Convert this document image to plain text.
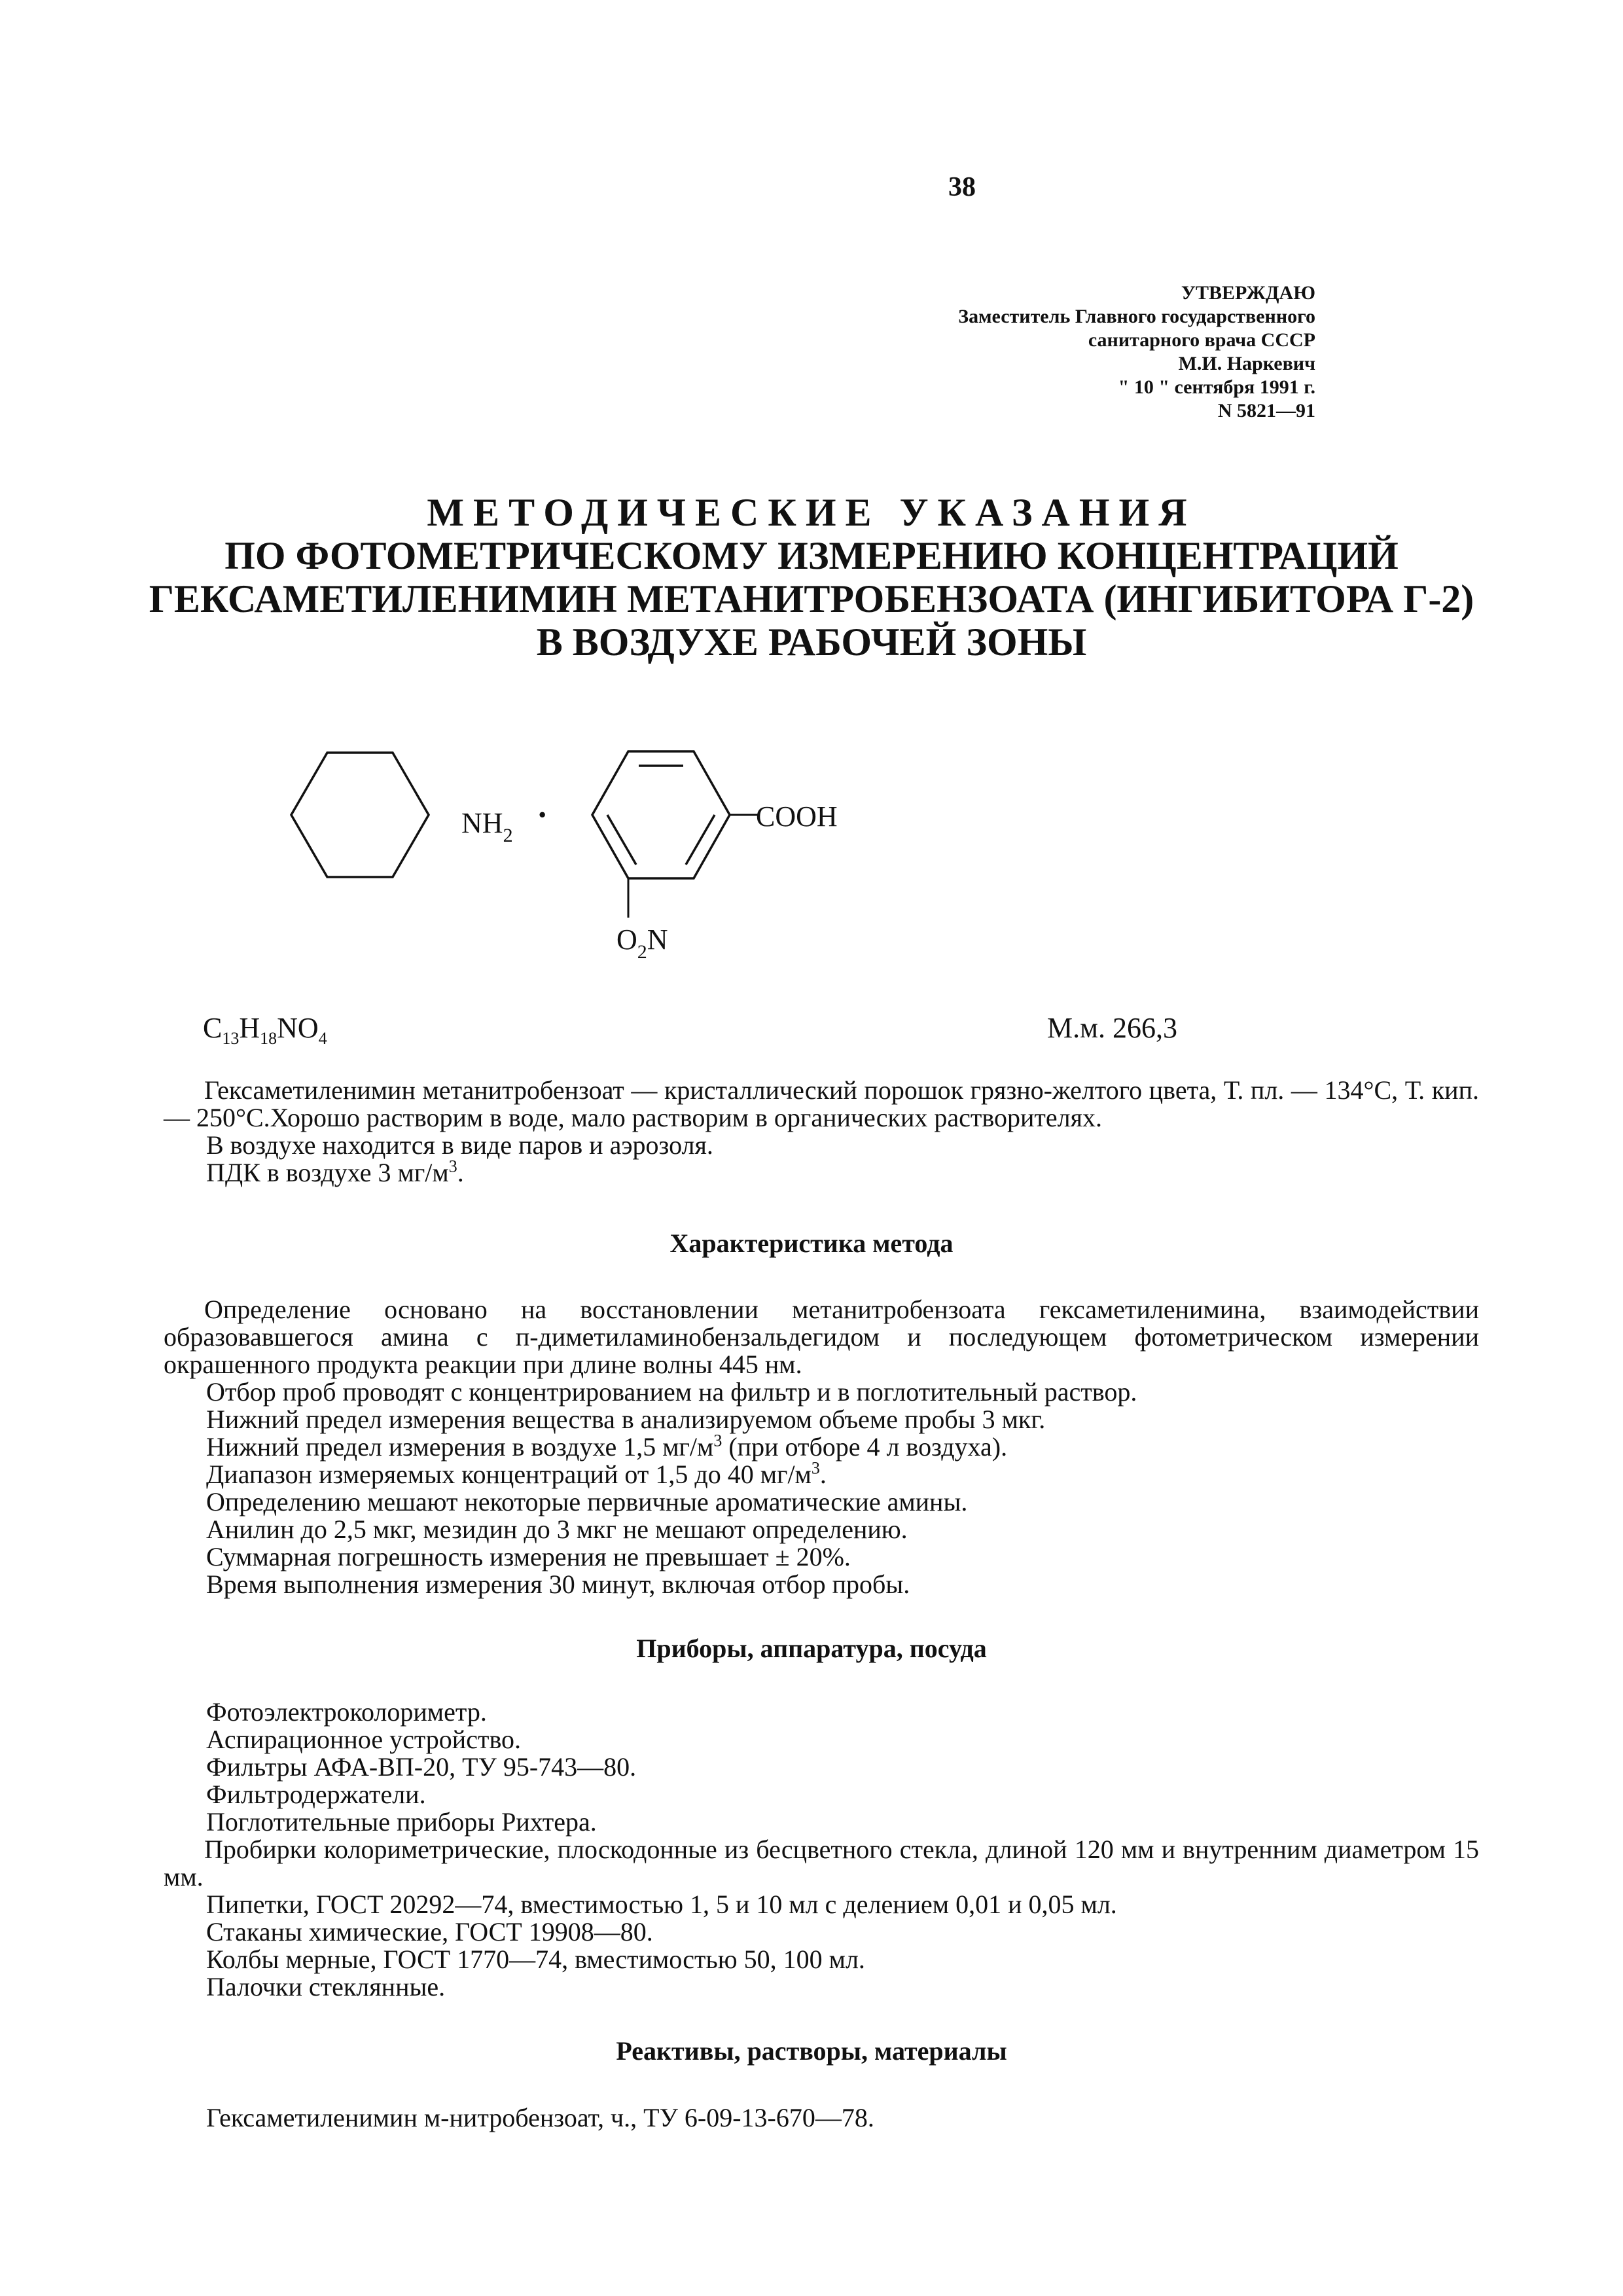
38
УТВЕРЖДАЮ
Заместитель Главного государственного
санитарного врача СССР
М.И. Наркевич
" 10 " сентября 1991 г.
N 5821—91
МЕТОДИЧЕСКИЕ УКАЗАНИЯ
ПО ФОТОМЕТРИЧЕСКОМУ ИЗМЕРЕНИЮ КОНЦЕНТРАЦИЙ
ГЕКСАМЕТИЛЕНИМИН МЕТАНИТРОБЕНЗОАТА (ИНГИБИТОРА Г-2)
В ВОЗДУХЕ РАБОЧЕЙ ЗОНЫ
$NH_2$
·	COOH
$O_2N$
$C_{13}H_{18}NO_4$	М.м. 266,3
Гексаметиленимин метанитробензоат — кристаллический порошок грязно-желтого цвета, Т. пл. — 134°С, Т. кип. — 250°С.Хорошо растворим в воде, мало растворим в органических растворителях.
В воздухе находится в виде паров и аэрозоля.
ПДК в воздухе 3 $мг/м^3$.
Характеристика метода
Определение основано на восстановлении метанитробензоата гексаметиленимина, взаимодействии образовавшегося амина с п-диметиламинобензальдегидом и последующем фотометрическом измерении окрашенного продукта реакции при длине волны 445 нм.
Отбор проб проводят с концентрированием на фильтр и в поглотительный раствор.
Нижний предел измерения вещества в анализируемом объеме пробы 3 мкг.
Нижний предел измерения в воздухе 1,5 $мг/м^3$ (при отборе 4 л воздуха).
Диапазон измеряемых концентраций от 1,5 до 40 $мг/м^3$.
Определению мешают некоторые первичные ароматические амины.
Анилин до 2,5 мкг, мезидин до 3 мкг не мешают определению.
Суммарная погрешность измерения не превышает ± 20%.
Время выполнения измерения 30 минут, включая отбор пробы.
Приборы, аппаратура, посуда
Фотоэлектроколориметр.
Аспирационное устройство.
Фильтры АФА-ВП-20, ТУ 95-743—80.
Фильтродержатели.
Поглотительные приборы Рихтера.
Пробирки колориметрические, плоскодонные из бесцветного стекла, длиной 120 мм и внутренним диаметром 15 мм.
Пипетки, ГОСТ 20292—74, вместимостью 1, 5 и 10 мл с делением 0,01 и 0,05 мл.
Стаканы химические, ГОСТ 19908—80.
Колбы мерные, ГОСТ 1770—74, вместимостью 50, 100 мл.
Палочки стеклянные.
Реактивы, растворы, материалы
Гексаметиленимин м-нитробензоат, ч., ТУ 6-09-13-670—78.
